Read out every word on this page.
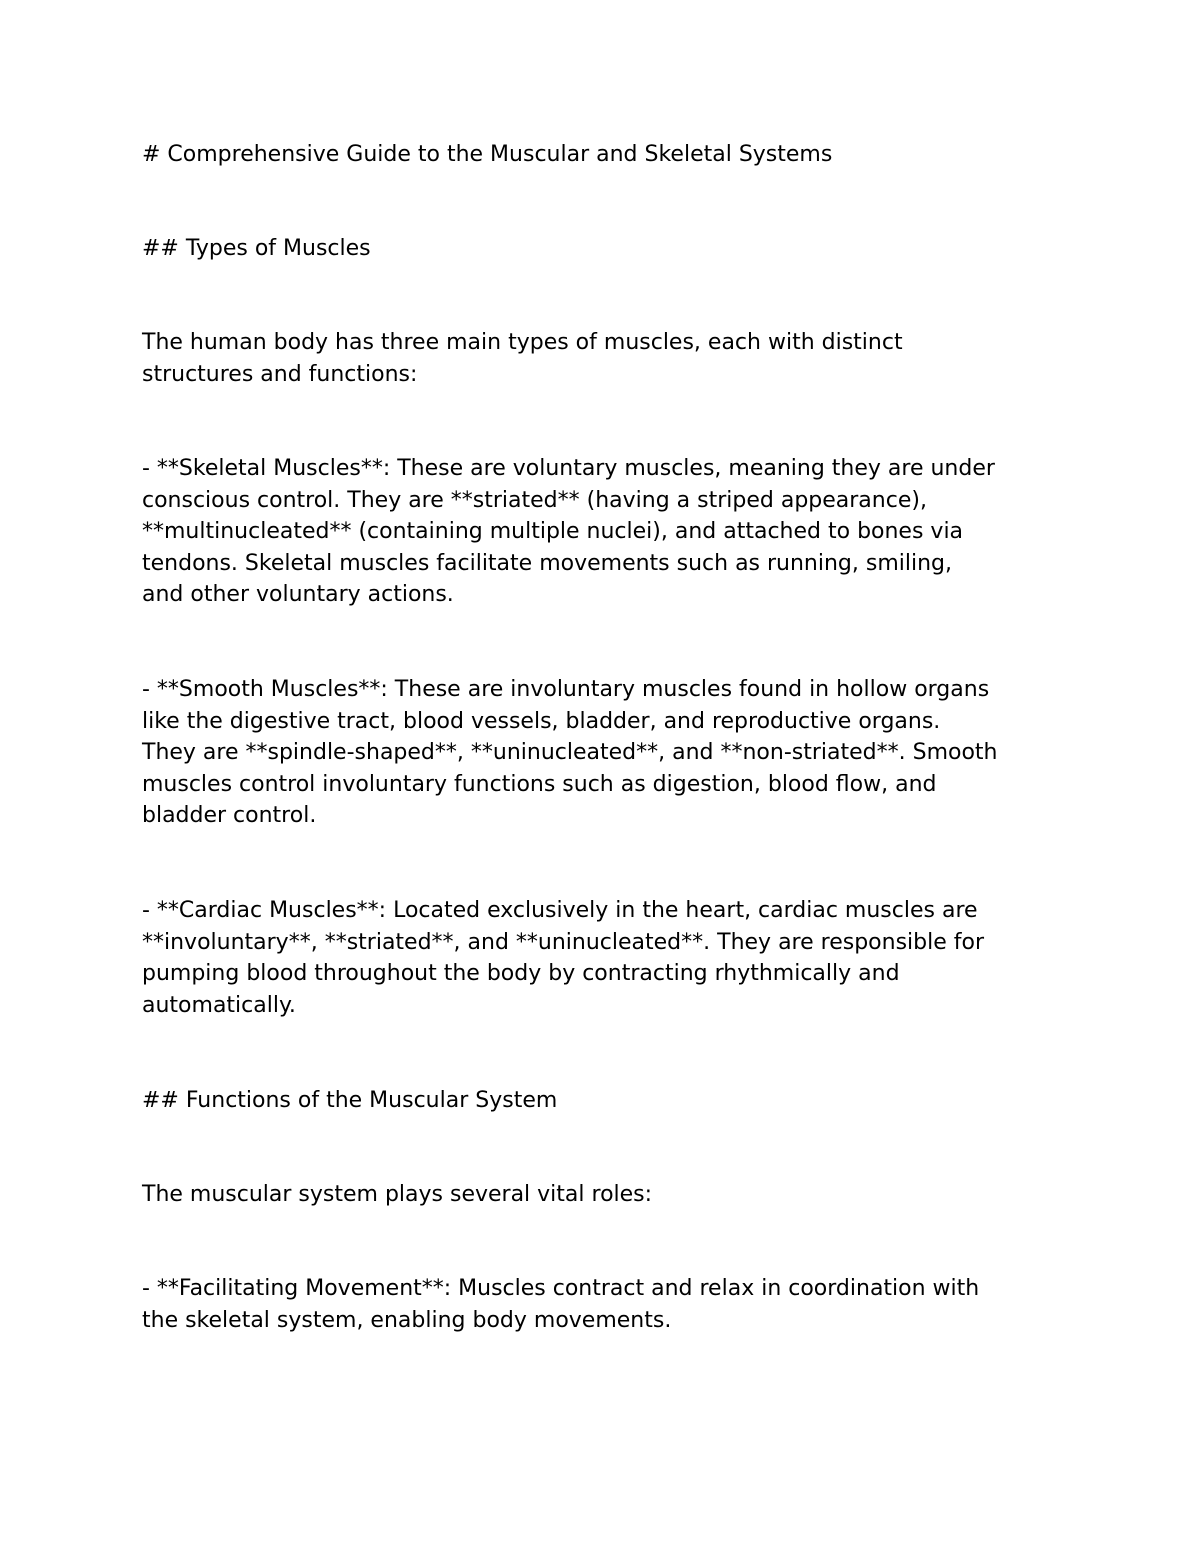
# Comprehensive Guide to the Muscular and Skeletal Systems

## Types of Muscles

The human body has three main types of muscles, each with distinct
structures and functions:

- **Skeletal Muscles**: These are voluntary muscles, meaning they are under
conscious control. They are **striated** (having a striped appearance),
**multinucleated** (containing multiple nuclei), and attached to bones via
tendons. Skeletal muscles facilitate movements such as running, smiling,
and other voluntary actions.

- **Smooth Muscles**: These are involuntary muscles found in hollow organs
like the digestive tract, blood vessels, bladder, and reproductive organs.
They are **spindle-shaped**, **uninucleated**, and **non-striated**. Smooth
muscles control involuntary functions such as digestion, blood flow, and
bladder control.

- **Cardiac Muscles**: Located exclusively in the heart, cardiac muscles are
**involuntary**, **striated**, and **uninucleated**. They are responsible for
pumping blood throughout the body by contracting rhythmically and
automatically.

## Functions of the Muscular System

The muscular system plays several vital roles:

- **Facilitating Movement**: Muscles contract and relax in coordination with
the skeletal system, enabling body movements.
